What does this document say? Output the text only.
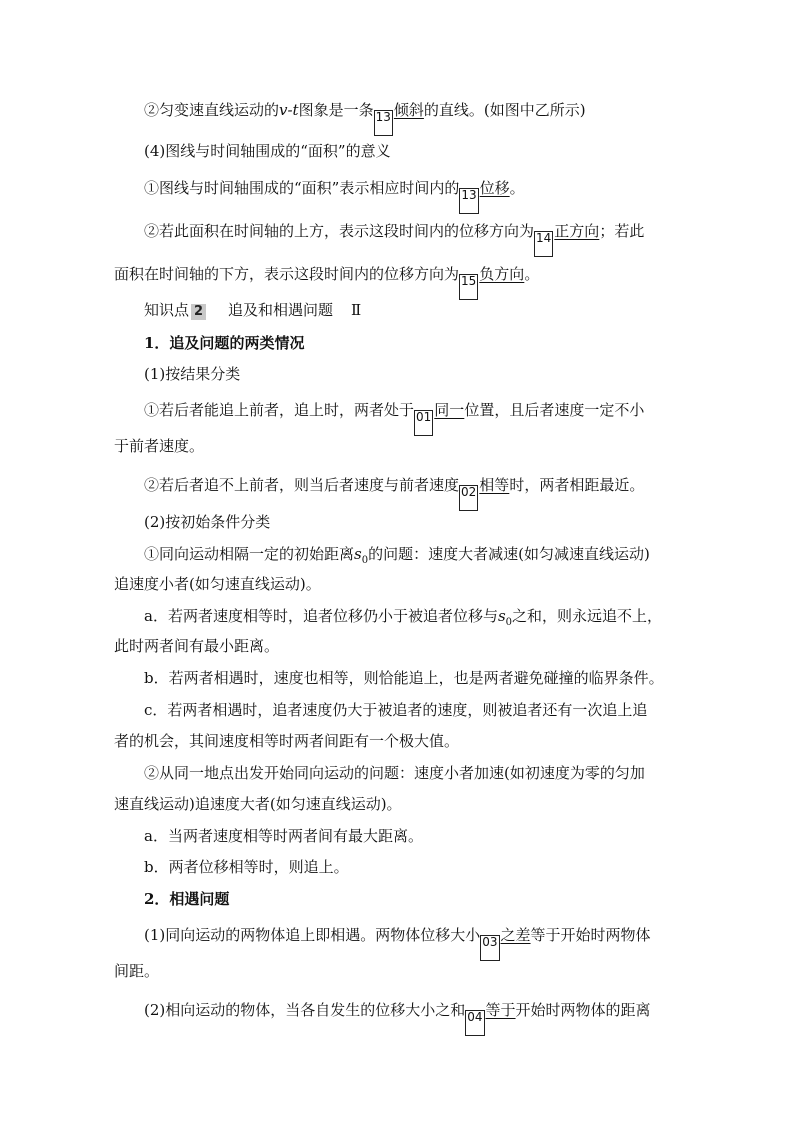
②匀变速直线运动的v-t图象是一条 13 倾斜的直线。(如图中乙所示)
(4)图线与时间轴围成的“面积”的意义
①图线与时间轴围成的“面积”表示相应时间内的 13 位移。
②若此面积在时间轴的上方，表示这段时间内的位移方向为 14 正方向；若此
面积在时间轴的下方，表示这段时间内的位移方向为 15 负方向。
知识点 2 追及和相遇问题 Ⅱ
1．追及问题的两类情况
(1)按结果分类
①若后者能追上前者，追上时，两者处于 01 同一位置，且后者速度一定不小
于前者速度。
②若后者追不上前者，则当后者速度与前者速度 02 相等时，两者相距最近。
(2)按初始条件分类
①同向运动相隔一定的初始距离$s_0$的问题：速度大者减速(如匀减速直线运动)
追速度小者(如匀速直线运动)。
a．若两者速度相等时，追者位移仍小于被追者位移与$s_0$之和，则永远追不上，
此时两者间有最小距离。
b．若两者相遇时，速度也相等，则恰能追上，也是两者避免碰撞的临界条件。
c．若两者相遇时，追者速度仍大于被追者的速度，则被追者还有一次追上追
者的机会，其间速度相等时两者间距有一个极大值。
②从同一地点出发开始同向运动的问题：速度小者加速(如初速度为零的匀加
速直线运动)追速度大者(如匀速直线运动)。
a．当两者速度相等时两者间有最大距离。
b．两者位移相等时，则追上。
2．相遇问题
(1)同向运动的两物体追上即相遇。两物体位移大小 03 之差等于开始时两物体
间距。
(2)相向运动的物体，当各自发生的位移大小之和 04 等于开始时两物体的距离
